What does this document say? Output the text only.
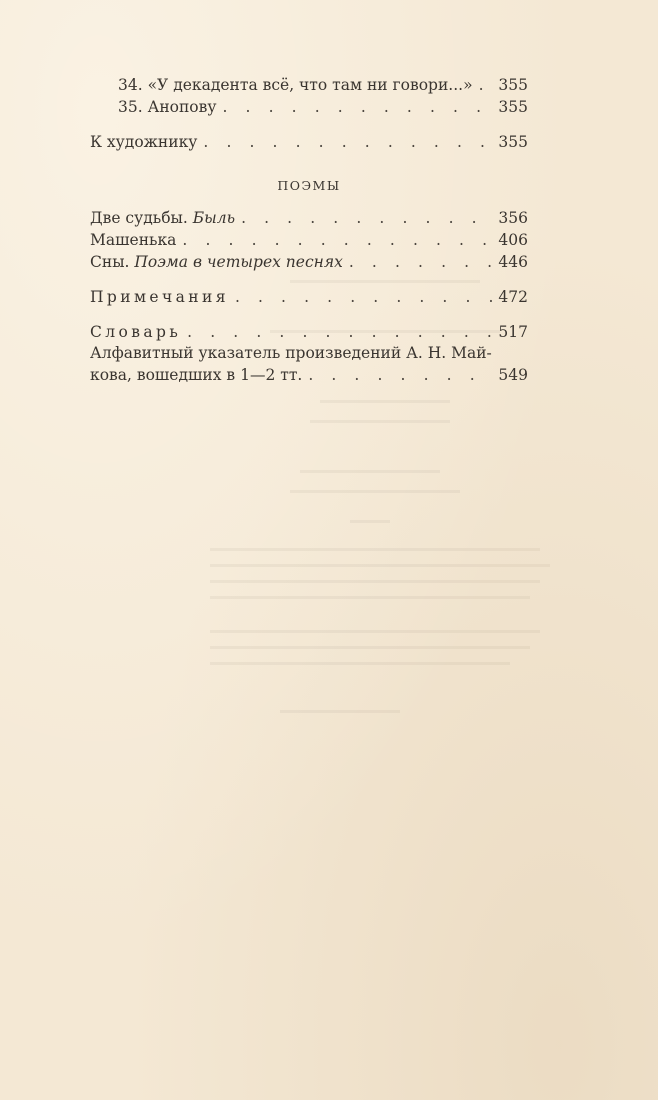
34. «У декадента всё, что там ни говори...» . . .	355
35. Анопову . . .	355
К художнику . . .	355
ПОЭМЫ
Две судьбы. Быль . . .	356
Машенька . . .	406
Сны. Поэма в четырех песнях . . .	446
Примечания . . .	472
Словарь . . .	517
Алфавитный указатель произведений А. Н. Май-
кова, вошедших в 1—2 тт. . . .	549
